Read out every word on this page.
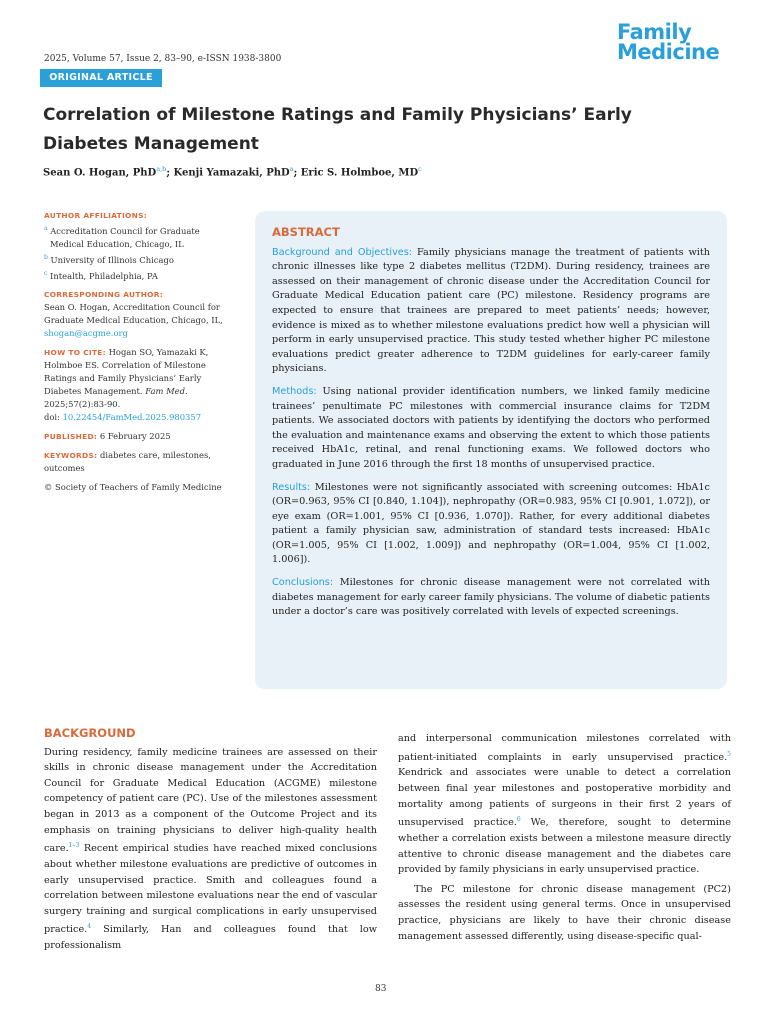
2025, Volume 57, Issue 2, 83–90, e-ISSN 1938-3800
Family
Medicine
ORIGINAL ARTICLE
Correlation of Milestone Ratings and Family Physicians’ Early Diabetes Management
Sean O. Hogan, PhD$^{a,b}$; Kenji Yamazaki, PhD$^a$; Eric S. Holmboe, $MD^c$
AUTHOR AFFILIATIONS:
$^a$ Accreditation Council for Graduate Medical Education, Chicago, IL
$^b$ University of Illinois Chicago
$^c$ Intealth, Philadelphia, PA
CORRESPONDING AUTHOR:
Sean O. Hogan, Accreditation Council for Graduate Medical Education, Chicago, IL,
shogan@acgme.org
HOW TO CITE: Hogan SO, Yamazaki K, Holmboe ES. Correlation of Milestone Ratings and Family Physicians’ Early Diabetes Management. Fam Med.
2025;57(2):83-90.
doi: 10.22454/FamMed.2025.980357
PUBLISHED: 6 February 2025
KEYWORDS: diabetes care, milestones, outcomes
© Society of Teachers of Family Medicine
ABSTRACT

Background and Objectives: Family physicians manage the treatment of patients with chronic illnesses like type 2 diabetes mellitus (T2DM). During residency, trainees are assessed on their management of chronic disease under the Accreditation Council for Graduate Medical Education patient care (PC) milestone. Residency programs are expected to ensure that trainees are prepared to meet patients’ needs; however, evidence is mixed as to whether milestone evaluations predict how well a physician will perform in early unsupervised practice. This study tested whether higher PC milestone evaluations predict greater adherence to T2DM guidelines for early-career family physicians.

Methods: Using national provider identification numbers, we linked family medicine trainees’ penultimate PC milestones with commercial insurance claims for T2DM patients. We associated doctors with patients by identifying the doctors who performed the evaluation and maintenance exams and observing the extent to which those patients received HbA1c, retinal, and renal functioning exams. We followed doctors who graduated in June 2016 through the first 18 months of unsupervised practice.

Results: Milestones were not significantly associated with screening outcomes: HbA1c (OR=0.963, 95% CI [0.840, 1.104]), nephropathy (OR=0.983, 95% CI [0.901, 1.072]), or eye exam (OR=1.001, 95% CI [0.936, 1.070]). Rather, for every additional diabetes patient a family physician saw, administration of standard tests increased: HbA1c (OR=1.005, 95% CI [1.002, 1.009]) and nephropathy (OR=1.004, 95% CI [1.002, 1.006]).

Conclusions: Milestones for chronic disease management were not correlated with diabetes management for early career family physicians. The volume of diabetic patients under a doctor’s care was positively correlated with levels of expected screenings.

BACKGROUND

During residency, family medicine trainees are assessed on their skills in chronic disease management under the Accreditation Council for Graduate Medical Education (ACGME) milestone competency of patient care (PC). Use of the milestones assessment began in 2013 as a component of the Outcome Project and its emphasis on training physicians to deliver high-quality health care.$^{1-3}$ Recent empirical studies have reached mixed conclusions about whether milestone evaluations are predictive of outcomes in early unsupervised practice. Smith and colleagues found a correlation between milestone evaluations near the end of vascular surgery training and surgical complications in early unsupervised practice.$^4$ Similarly, Han and colleagues found that low professionalism

and interpersonal communication milestones correlated with patient-initiated complaints in early unsupervised practice.$^5$ Kendrick and associates were unable to detect a correlation between final year milestones and postoperative morbidity and mortality among patients of surgeons in their first 2 years of unsupervised practice.$^6$ We, therefore, sought to determine whether a correlation exists between a milestone measure directly attentive to chronic disease management and the diabetes care provided by family physicians in early unsupervised practice.

The PC milestone for chronic disease management (PC2) assesses the resident using general terms. Once in unsupervised practice, physicians are likely to have their chronic disease management assessed differently, using disease-specific qual-

83
